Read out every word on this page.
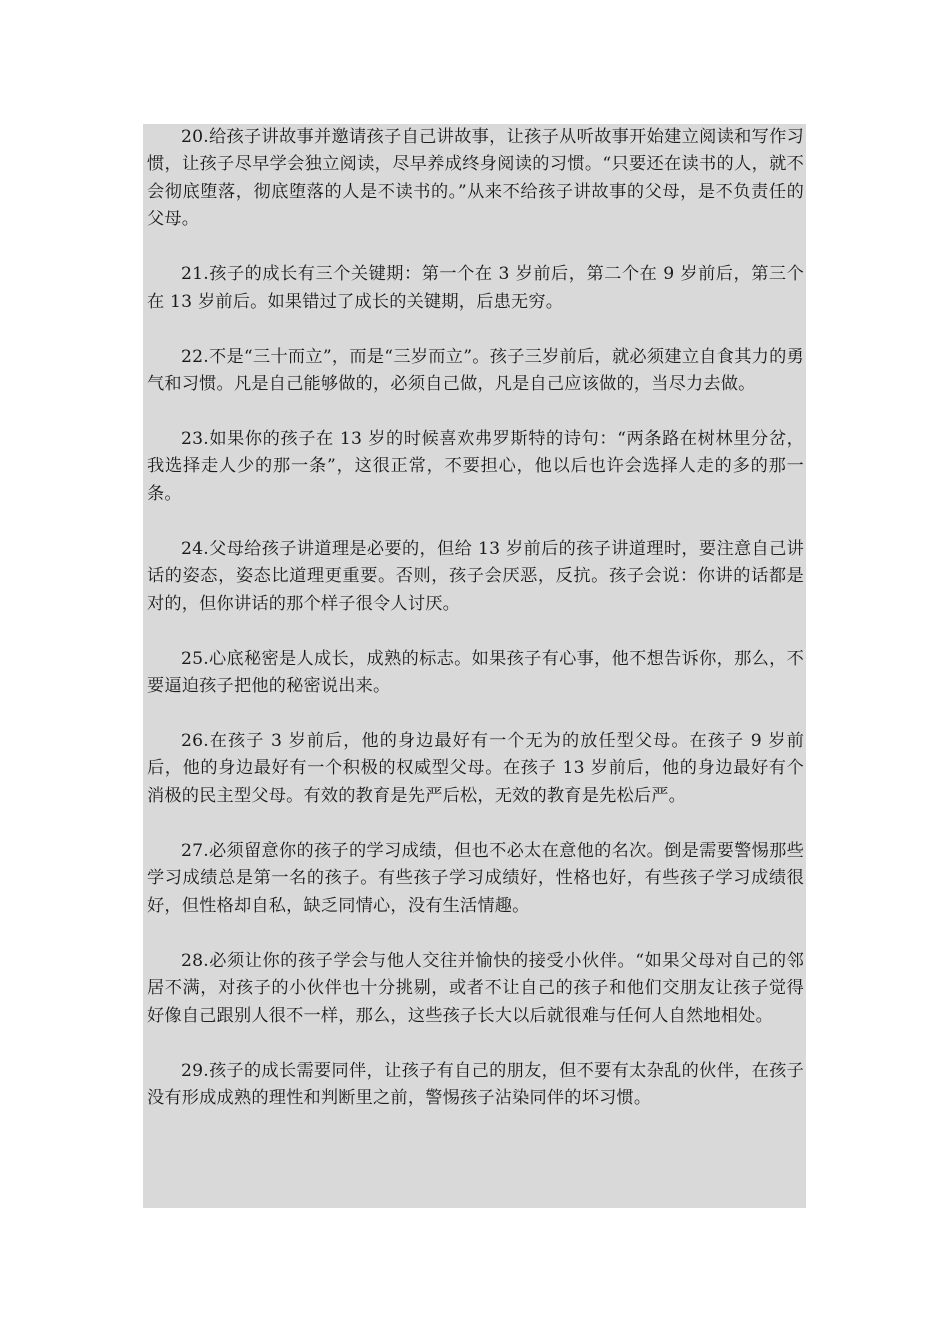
20.给孩子讲故事并邀请孩子自己讲故事，让孩子从听故事开始建立阅读和写作习惯，让孩子尽早学会独立阅读，尽早养成终身阅读的习惯。“只要还在读书的人，就不会彻底堕落，彻底堕落的人是不读书的。”从来不给孩子讲故事的父母，是不负责任的父母。

21.孩子的成长有三个关键期：第一个在 3 岁前后，第二个在 9 岁前后，第三个在 13 岁前后。如果错过了成长的关键期，后患无穷。

22.不是“三十而立”，而是“三岁而立”。孩子三岁前后，就必须建立自食其力的勇气和习惯。凡是自己能够做的，必须自己做，凡是自己应该做的，当尽力去做。

23.如果你的孩子在 13 岁的时候喜欢弗罗斯特的诗句：“两条路在树林里分岔，我选择走人少的那一条”，这很正常，不要担心，他以后也许会选择人走的多的那一条。

24.父母给孩子讲道理是必要的，但给 13 岁前后的孩子讲道理时，要注意自己讲话的姿态，姿态比道理更重要。否则，孩子会厌恶，反抗。孩子会说：你讲的话都是对的，但你讲话的那个样子很令人讨厌。

25.心底秘密是人成长，成熟的标志。如果孩子有心事，他不想告诉你，那么，不要逼迫孩子把他的秘密说出来。

26.在孩子 3 岁前后，他的身边最好有一个无为的放任型父母。在孩子 9 岁前后，他的身边最好有一个积极的权威型父母。在孩子 13 岁前后，他的身边最好有个消极的民主型父母。有效的教育是先严后松，无效的教育是先松后严。

27.必须留意你的孩子的学习成绩，但也不必太在意他的名次。倒是需要警惕那些学习成绩总是第一名的孩子。有些孩子学习成绩好，性格也好，有些孩子学习成绩很好，但性格却自私，缺乏同情心，没有生活情趣。

28.必须让你的孩子学会与他人交往并愉快的接受小伙伴。“如果父母对自己的邻居不满，对孩子的小伙伴也十分挑剔，或者不让自己的孩子和他们交朋友让孩子觉得好像自己跟别人很不一样，那么，这些孩子长大以后就很难与任何人自然地相处。

29.孩子的成长需要同伴，让孩子有自己的朋友，但不要有太杂乱的伙伴，在孩子没有形成成熟的理性和判断里之前，警惕孩子沾染同伴的坏习惯。
